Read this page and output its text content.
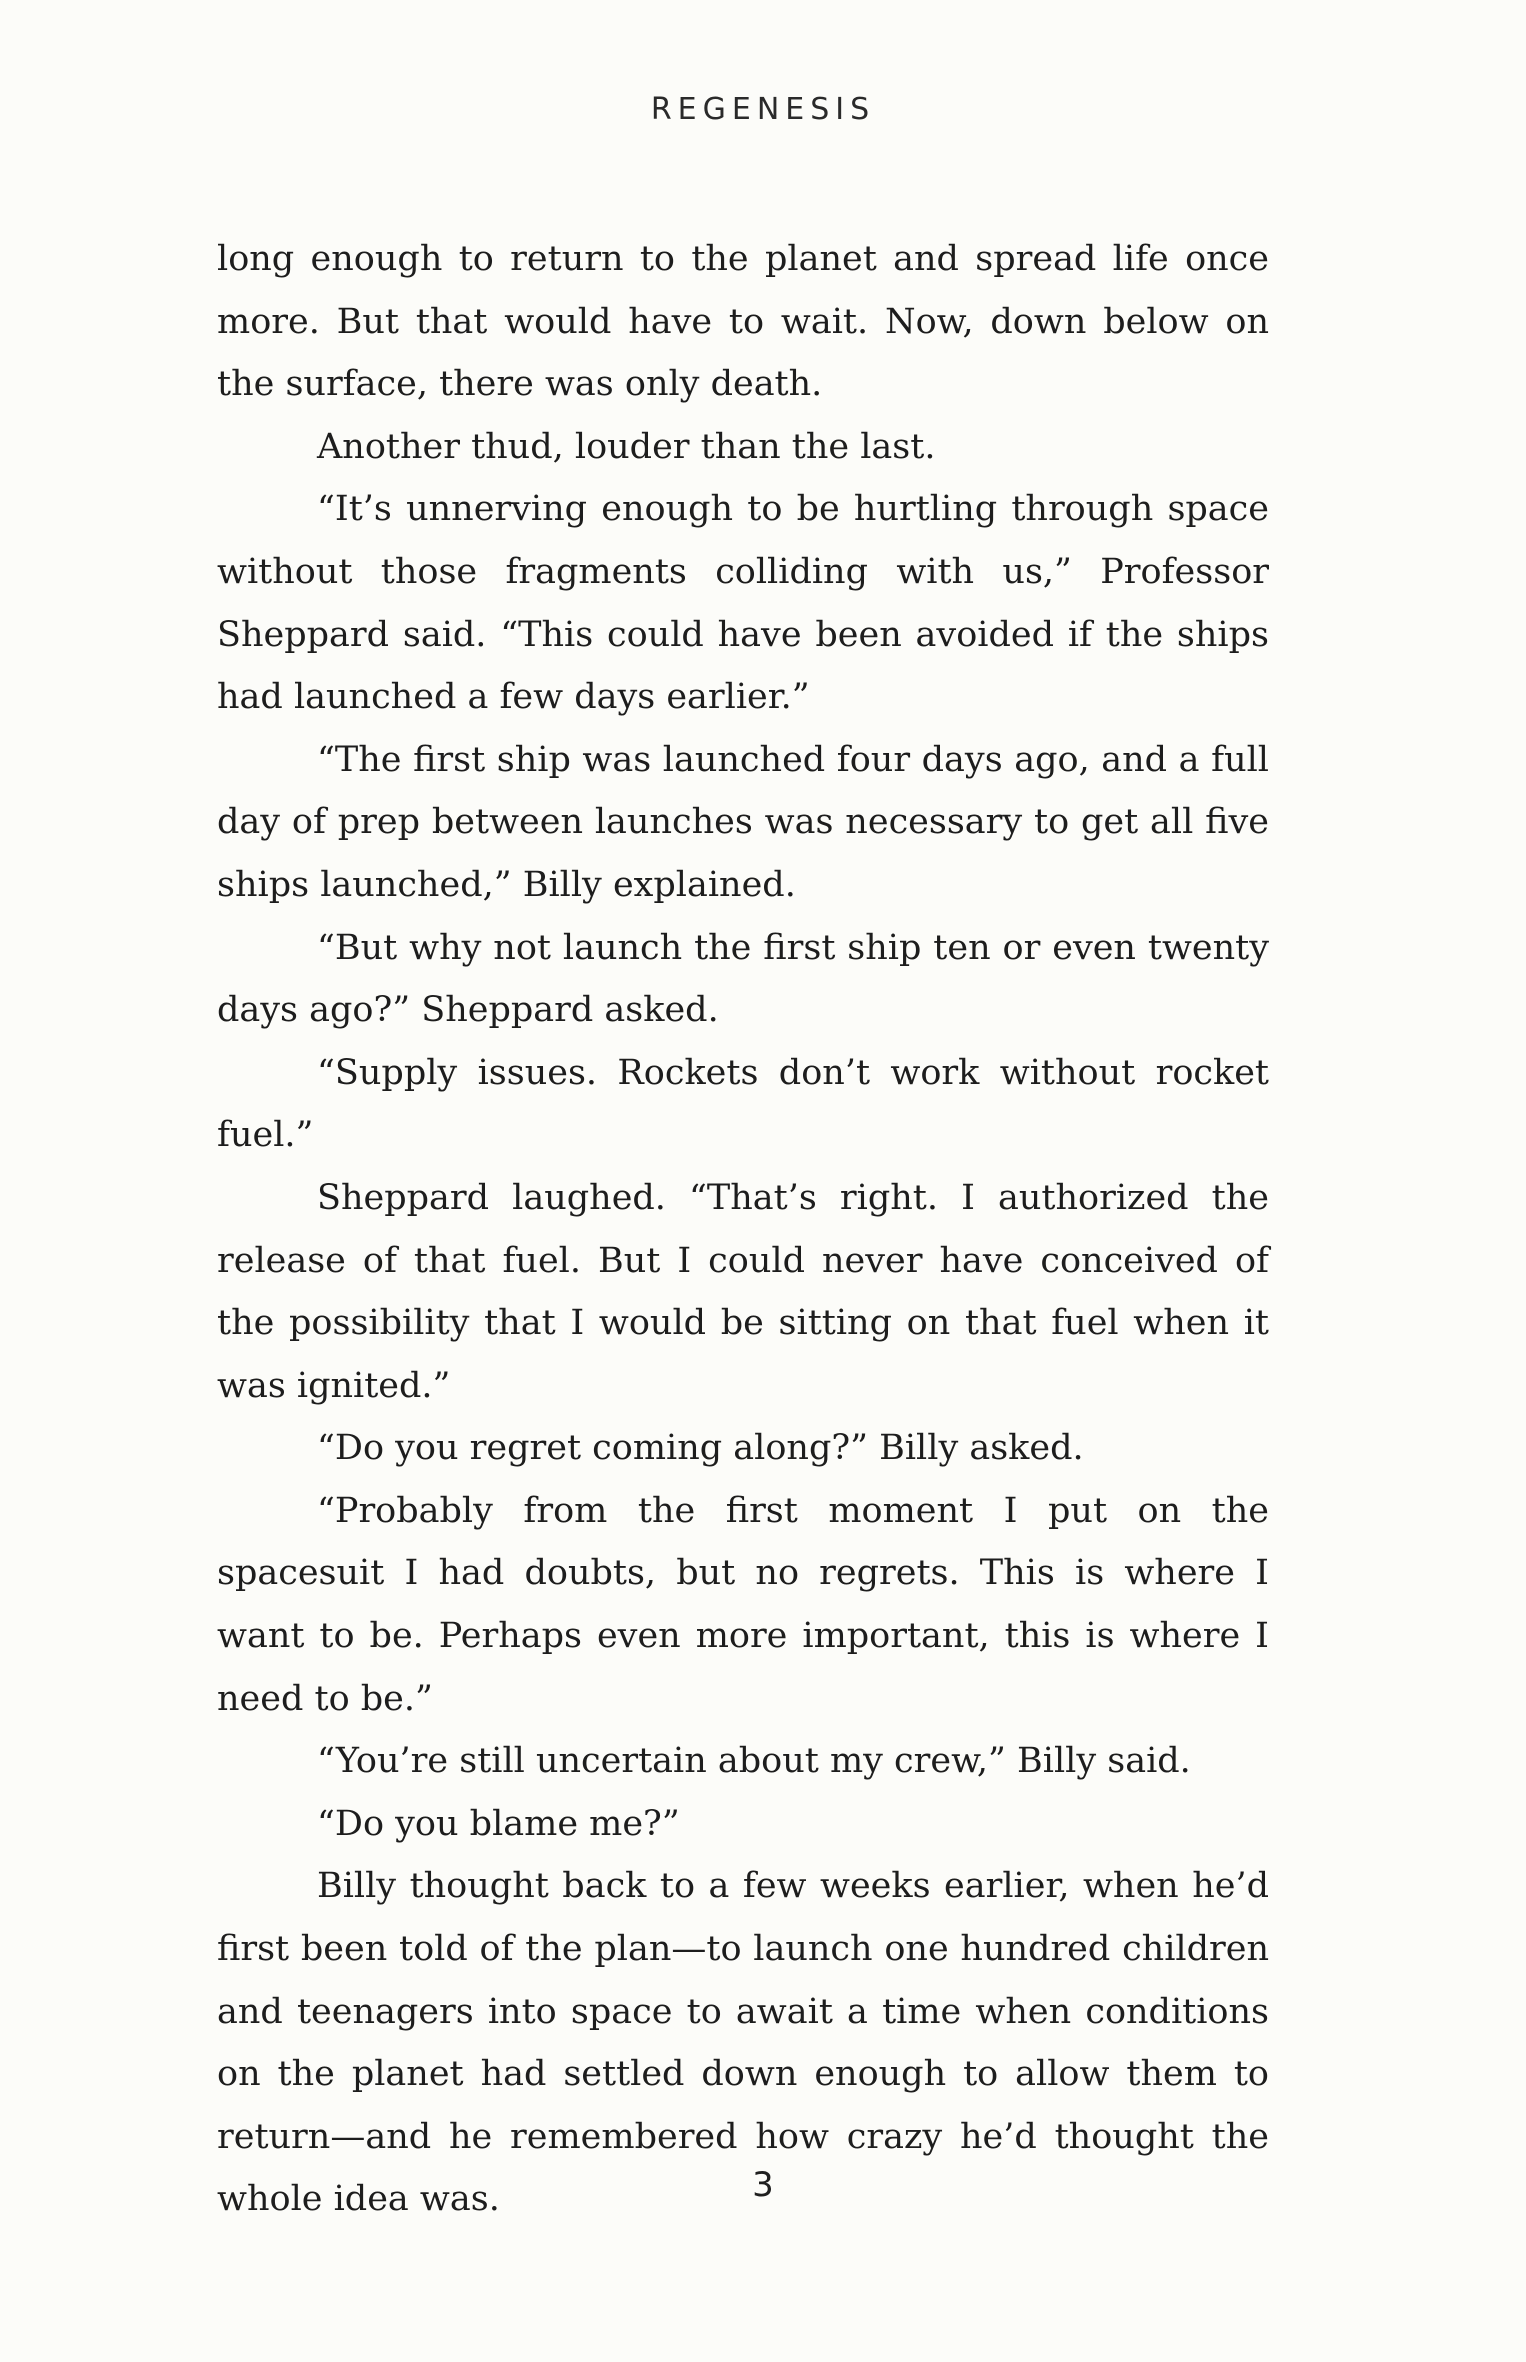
REGENESIS

long enough to return to the planet and spread life once more. But that would have to wait. Now, down below on the surface, there was only death.

Another thud, louder than the last.

“It’s unnerving enough to be hurtling through space without those fragments colliding with us,” Professor Sheppard said. “This could have been avoided if the ships had launched a few days earlier.”

“The first ship was launched four days ago, and a full day of prep between launches was necessary to get all five ships launched,” Billy explained.

“But why not launch the first ship ten or even twenty days ago?” Sheppard asked.

“Supply issues. Rockets don’t work without rocket fuel.”

Sheppard laughed. “That’s right. I authorized the release of that fuel. But I could never have conceived of the possibility that I would be sitting on that fuel when it was ignited.”

“Do you regret coming along?” Billy asked.

“Probably from the first moment I put on the spacesuit I had doubts, but no regrets. This is where I want to be. Perhaps even more important, this is where I need to be.”

“You’re still uncertain about my crew,” Billy said.

“Do you blame me?”

Billy thought back to a few weeks earlier, when he’d first been told of the plan—to launch one hundred children and teenagers into space to await a time when conditions on the planet had settled down enough to allow them to return—and he remembered how crazy he’d thought the whole idea was.	3
